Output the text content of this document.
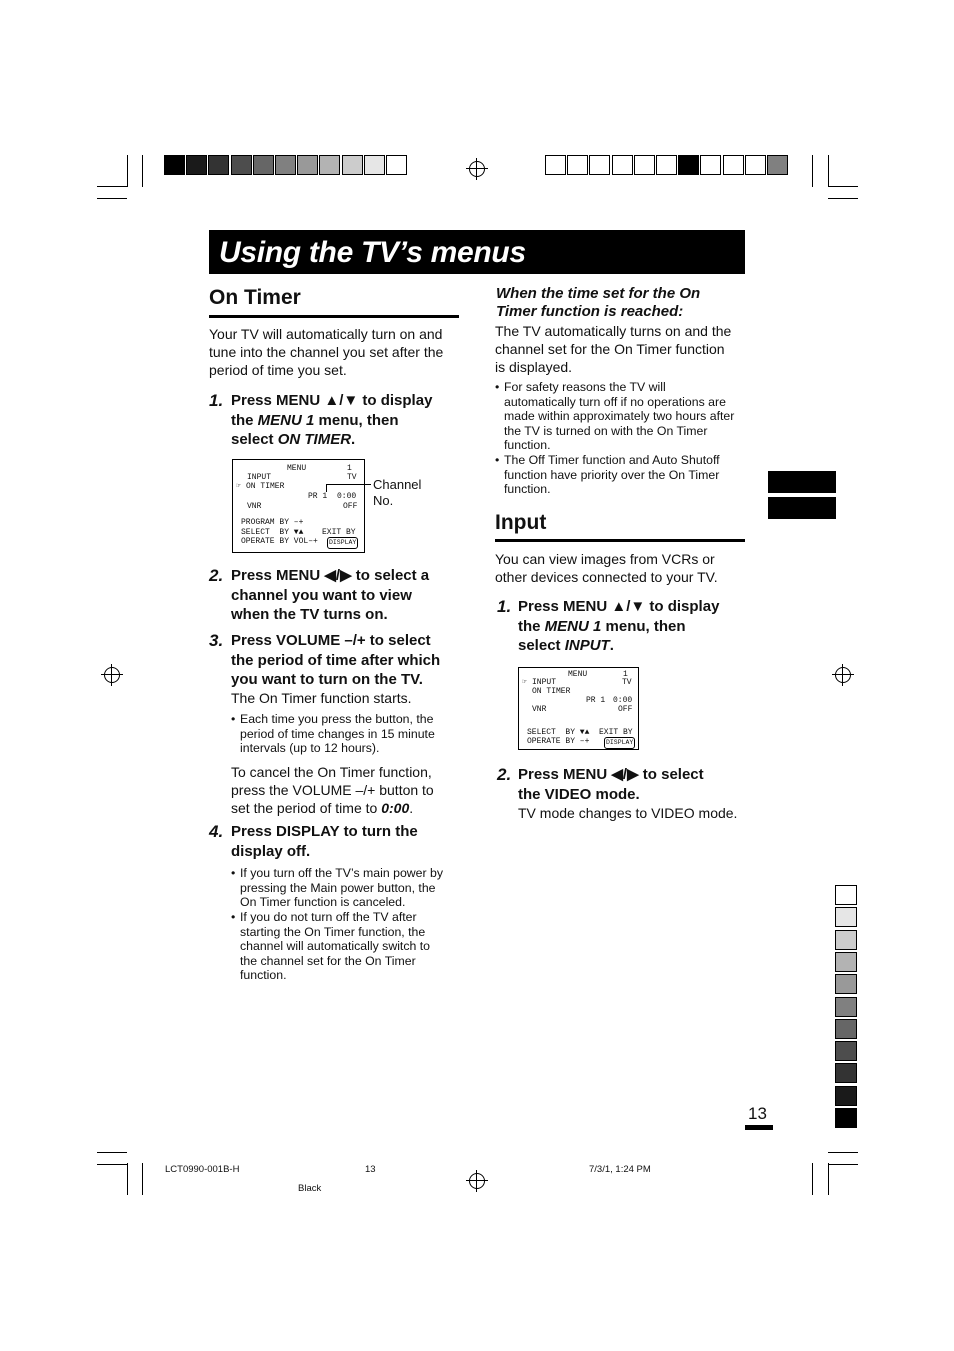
Using the TV’s menus
On Timer
Your TV will automatically turn on and tune into the channel you set after the period of time you set.
1. Press MENU ▲/▼ to display
the MENU 1 menu, then
select ON TIMER.
MENU	1
INPUT	TV
☞ ON TIMER
PR 1 0:00
VNR	OFF
PROGRAM BY –+
SELECT  BY ▼▲ EXIT BY
OPERATE BY VOL–+	DISPLAY
Channel
No.
2. Press MENU ◀/▶ to select a
channel you want to view
when the TV turns on.
3. Press VOLUME –/+ to select
the period of time after which
you want to turn on the TV.
The On Timer function starts.
• Each time you press the button, the
period of time changes in 15 minute
intervals (up to 12 hours).
To cancel the On Timer function,
press the VOLUME –/+ button to
set the period of time to 0:00.
4. Press DISPLAY to turn the
display off.
• If you turn off the TV’s main power by
pressing the Main power button, the
On Timer function is canceled.
• If you do not turn off the TV after
starting the On Timer function, the
channel will automatically switch to
the channel set for the On Timer
function.
When the time set for the On
Timer function is reached:
The TV automatically turns on and the
channel set for the On Timer function
is displayed.
• For safety reasons the TV will
automatically turn off if no operations are
made within approximately two hours after
the TV is turned on with the On Timer
function.
• The Off Timer function and Auto Shutoff
function have priority over the On Timer
function.
Input
You can view images from VCRs or
other devices connected to your TV.
1. Press MENU ▲/▼ to display
the MENU 1 menu, then
select INPUT.
MENU	1
☞ INPUT	TV
ON TIMER
PR 1 0:00
VNR	OFF
SELECT  BY ▼▲ EXIT BY
OPERATE BY –+	DISPLAY
2. Press MENU ◀/▶ to select
the VIDEO mode.
TV mode changes to VIDEO mode.
13
LCT0990-001B-H	13	7/3/1, 1:24 PM
Black
